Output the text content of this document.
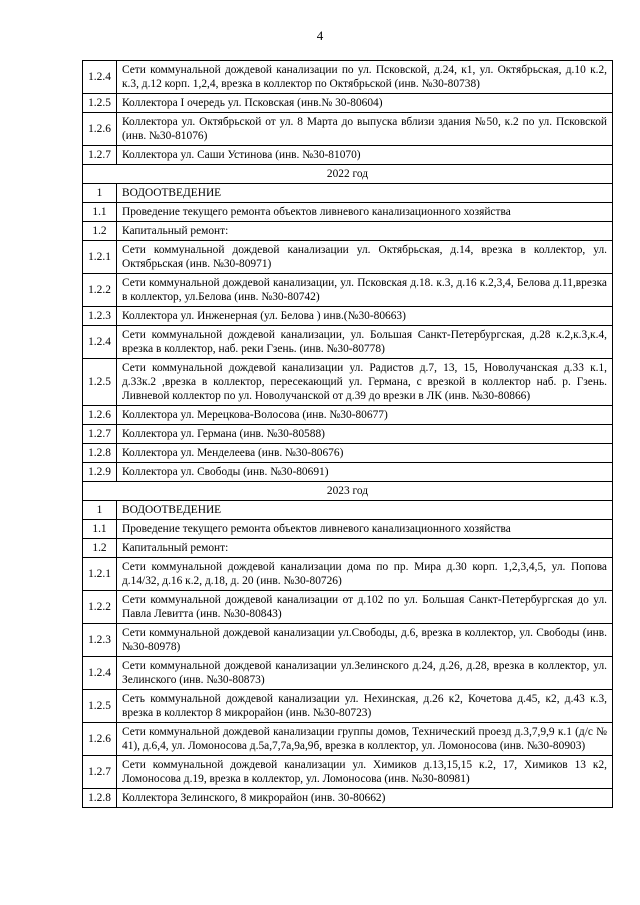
4
1.2.4	Сети коммунальной дождевой канализации по ул. Псковской, д.24, к1, ул. Октябрьская, д.10 к.2, к.3, д.12 корп. 1,2,4, врезка в коллектор по Октябрьской (инв. №30-80738)
1.2.5	Коллектора I очередь ул. Псковская (инв.№ 30-80604)
1.2.6	Коллектора ул. Октябрьской от ул. 8 Марта до выпуска вблизи здания №50, к.2 по ул. Псковской (инв. №30-81076)
1.2.7	Коллектора ул. Саши Устинова (инв. №30-81070)
2022 год	
1	ВОДООТВЕДЕНИЕ
1.1	Проведение текущего ремонта объектов ливневого канализационного хозяйства
1.2	Капитальный ремонт:
1.2.1	Сети коммунальной дождевой канализации ул. Октябрьская, д.14, врезка в коллектор, ул. Октябрьская (инв. №30-80971)
1.2.2	Сети коммунальной дождевой канализации, ул. Псковская д.18. к.3, д.16 к.2,3,4, Белова д.11,врезка в коллектор, ул.Белова (инв. №30-80742)
1.2.3	Коллектора ул. Инженерная (ул. Белова ) инв.(№30-80663)
1.2.4	Сети коммунальной дождевой канализации, ул. Большая Санкт-Петербургская, д.28 к.2,к.3,к.4, врезка в коллектор, наб. реки Гзень. (инв. №30-80778)
1.2.5	Сети коммунальной дождевой канализации ул. Радистов д.7, 13, 15, Новолучанская д.33 к.1, д.33к.2 ,врезка в коллектор, пересекающий ул. Германа, с врезкой в коллектор наб. р. Гзень. Ливневой коллектор по ул. Новолучанской от д.39 до врезки в ЛК (инв. №30-80866)
1.2.6	Коллектора ул. Мерецкова-Волосова (инв. №30-80677)
1.2.7	Коллектора ул. Германа (инв. №30-80588)
1.2.8	Коллектора ул. Менделеева (инв. №30-80676)
1.2.9	Коллектора ул. Свободы (инв. №30-80691)
2023 год	
1	ВОДООТВЕДЕНИЕ
1.1	Проведение текущего ремонта объектов ливневого канализационного хозяйства
1.2	Капитальный ремонт:
1.2.1	Сети коммунальной дождевой канализации дома по пр. Мира д.30 корп. 1,2,3,4,5, ул. Попова д.14/32, д.16 к.2, д.18, д. 20 (инв. №30-80726)
1.2.2	Сети коммунальной дождевой канализации от д.102 по ул. Большая Санкт-Петербургская до ул. Павла Левитта (инв. №30-80843)
1.2.3	Сети коммунальной дождевой канализации ул.Свободы, д.6, врезка в коллектор, ул. Свободы (инв. №30-80978)
1.2.4	Сети коммунальной дождевой канализации ул.Зелинского д.24, д.26, д.28, врезка в коллектор, ул. Зелинского (инв. №30-80873)
1.2.5	Сеть коммунальной дождевой канализации ул. Нехинская, д.26 к2, Кочетова д.45, к2, д.43 к.3, врезка в коллектор 8 микрорайон (инв. №30-80723)
1.2.6	Сети коммунальной дождевой канализации группы домов, Технический проезд д.3,7,9,9 к.1 (д/с № 41), д.6,4, ул. Ломоносова д.5а,7,7а,9а,9б, врезка в коллектор, ул. Ломоносова (инв. №30-80903)
1.2.7	Сети коммунальной дождевой канализации ул. Химиков д.13,15,15 к.2, 17, Химиков 13 к2, Ломоносова д.19, врезка в коллектор, ул. Ломоносова (инв. №30-80981)
1.2.8	Коллектора Зелинского, 8 микрорайон (инв. 30-80662)
